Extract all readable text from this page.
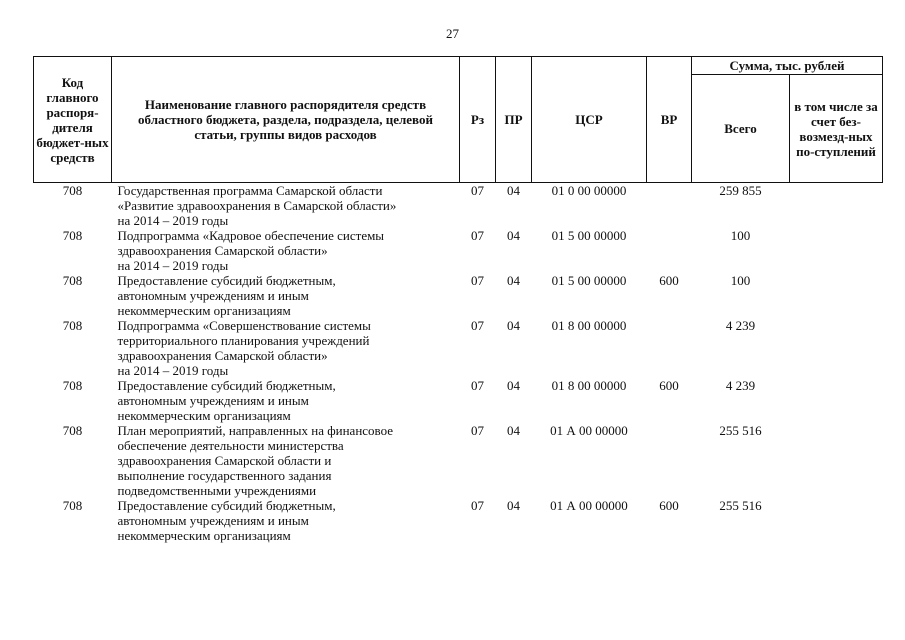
27
Код главного распоря-дителя бюджет-ных средств	Наименование главного распорядителя средств областного бюджета, раздела, подраздела, целевой статьи, группы видов расходов	Рз	ПР	ЦСР	ВР	Сумма, тыс. рублей	
						Всего	в том числе за счет без-возмезд-ных по-ступлений
708	Государственная программа Самарской области
«Развитие здравоохранения в Самарской области»
на 2014 – 2019 годы	07	04	01 0 00 00000		259 855	
708	Подпрограмма «Кадровое обеспечение системы
здравоохранения Самарской области»
на 2014 – 2019 годы	07	04	01 5 00 00000		100	
708	Предоставление субсидий бюджетным,
автономным учреждениям и иным
некоммерческим организациям	07	04	01 5 00 00000	600	100	
708	Подпрограмма «Совершенствование системы
территориального планирования учреждений
здравоохранения Самарской области»
на 2014 – 2019 годы	07	04	01 8 00 00000		4 239	
708	Предоставление субсидий бюджетным,
автономным учреждениям и иным
некоммерческим организациям	07	04	01 8 00 00000	600	4 239	
708	План мероприятий, направленных на финансовое
обеспечение деятельности министерства
здравоохранения Самарской области и
выполнение государственного задания
подведомственными учреждениями	07	04	01 А 00 00000		255 516	
708	Предоставление субсидий бюджетным,
автономным учреждениям и иным
некоммерческим организациям	07	04	01 А 00 00000	600	255 516	
